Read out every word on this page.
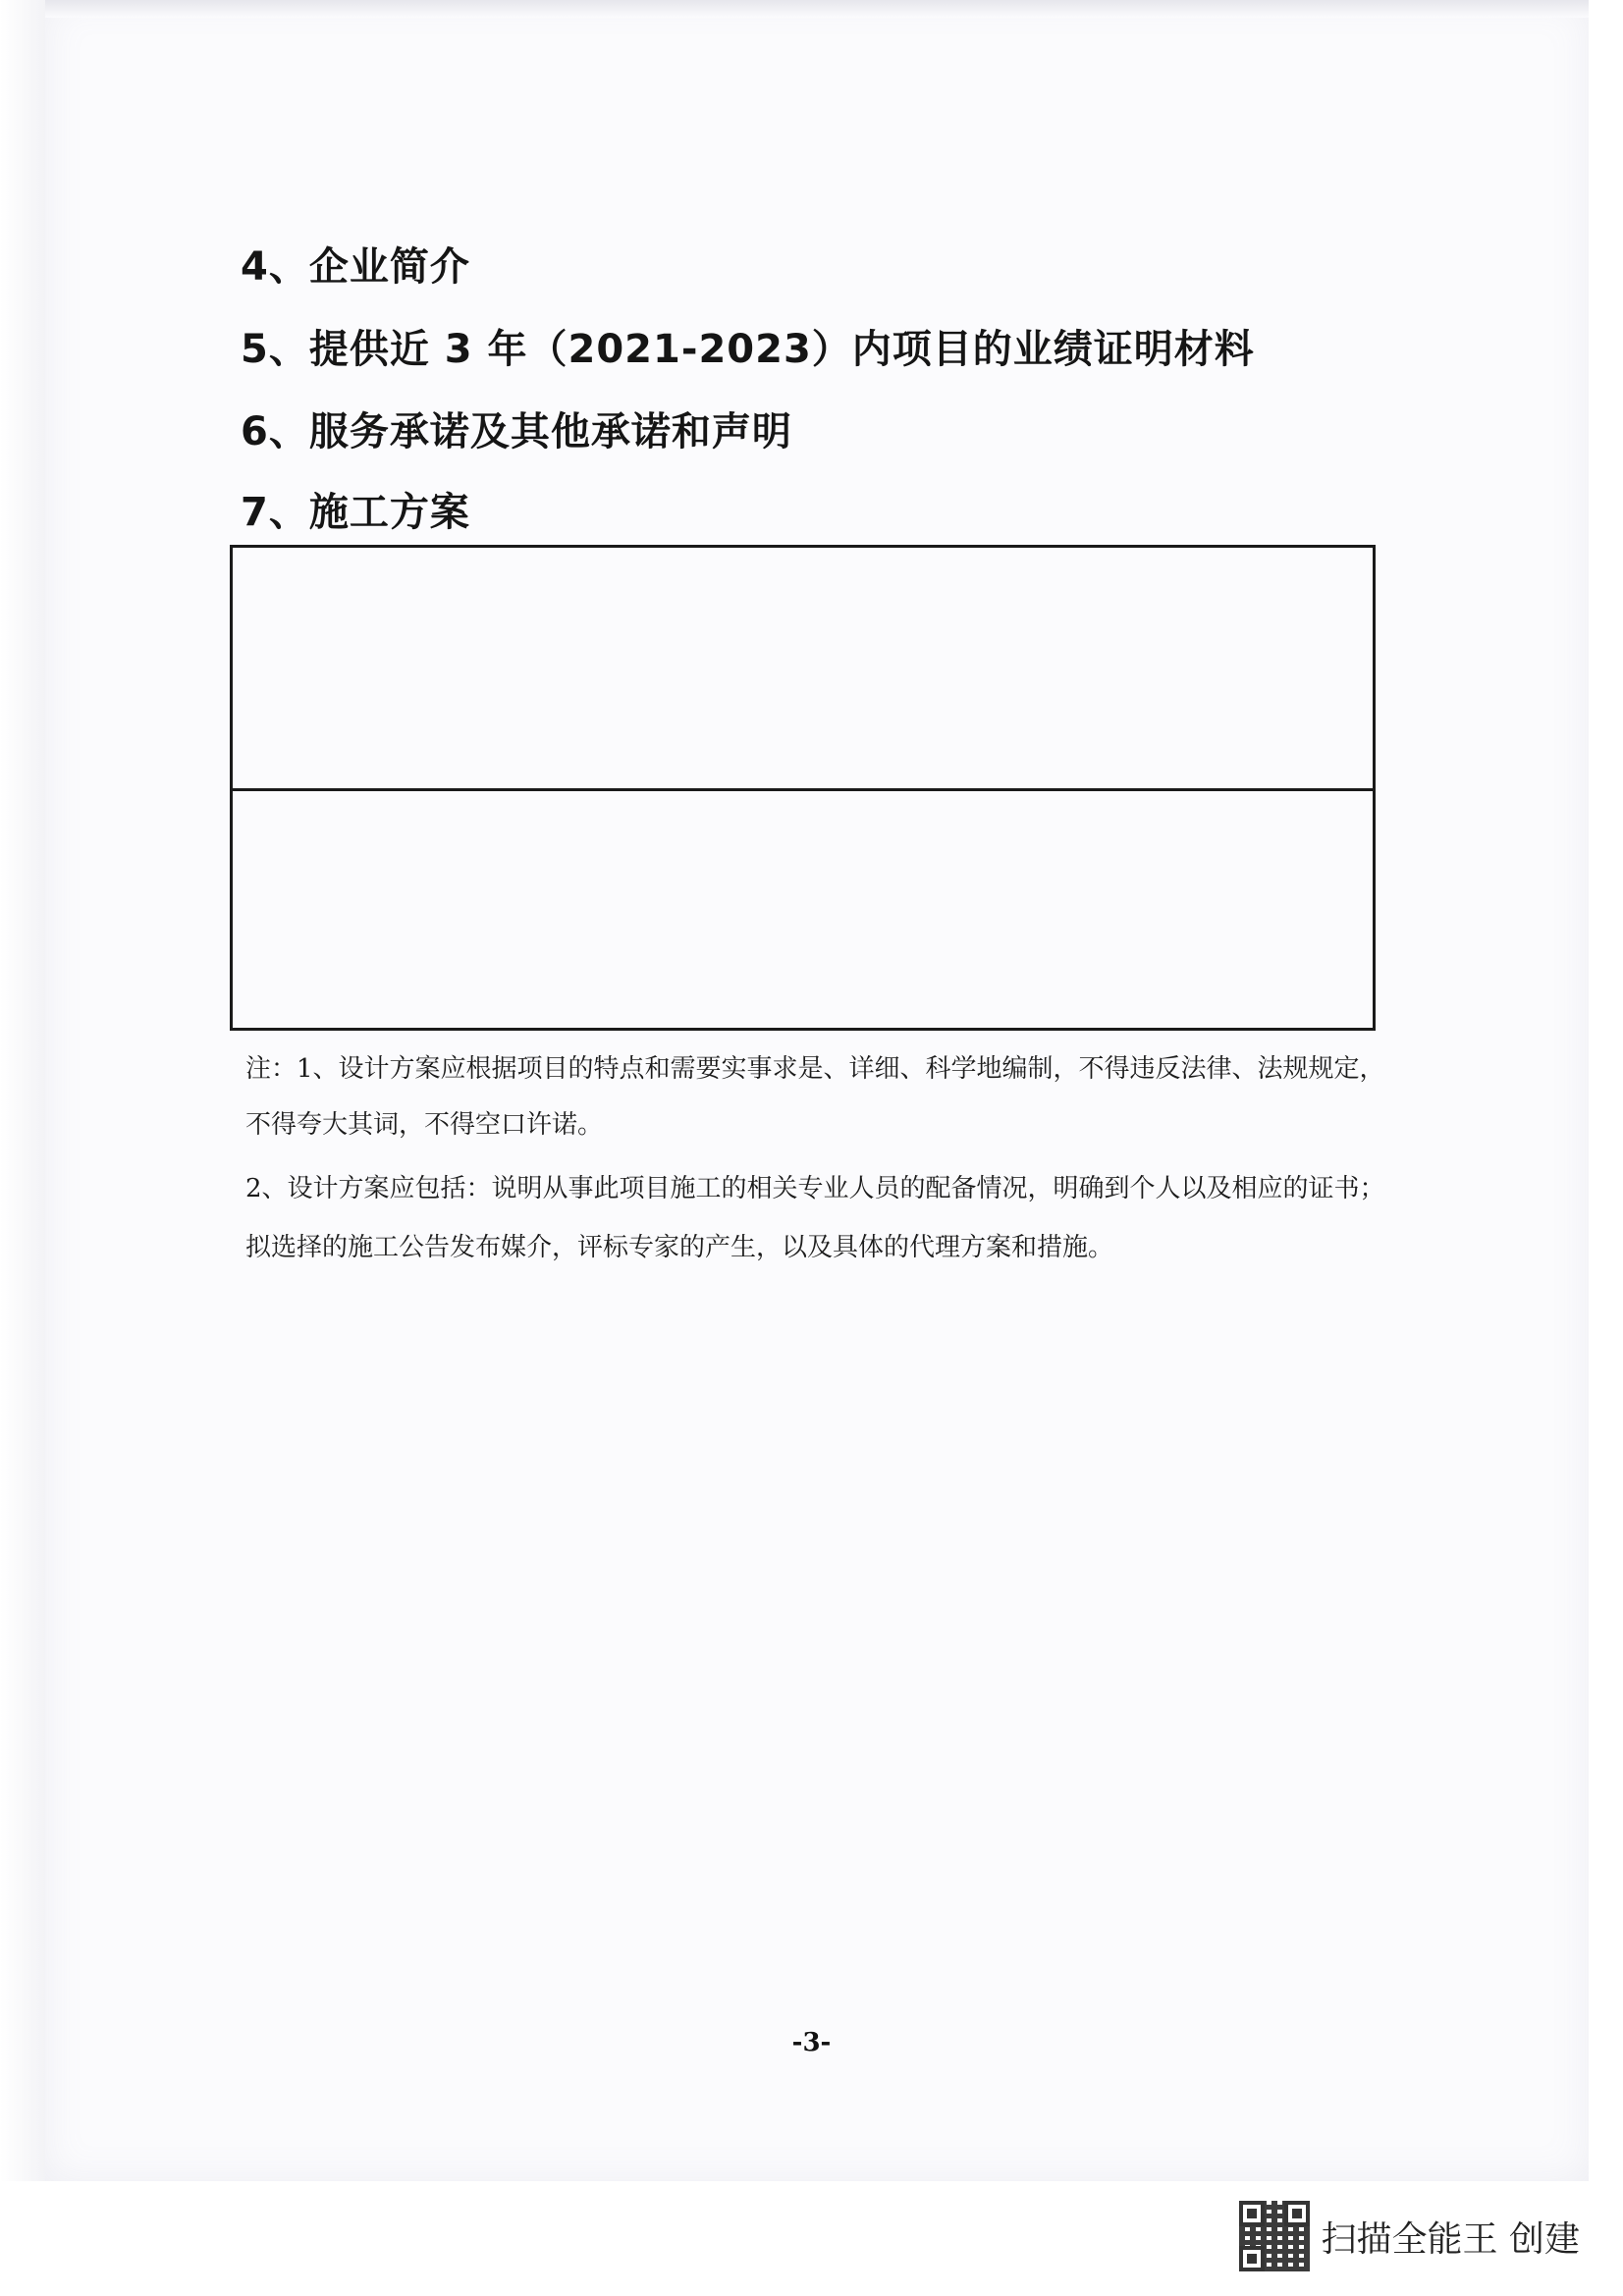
4、企业简介
5、提供近 3 年（2021-2023）内项目的业绩证明材料
6、服务承诺及其他承诺和声明
7、施工方案
注：1、设计方案应根据项目的特点和需要实事求是、详细、科学地编制，不得违反法律、法规规定，
不得夸大其词，不得空口许诺。
2、设计方案应包括：说明从事此项目施工的相关专业人员的配备情况，明确到个人以及相应的证书；
拟选择的施工公告发布媒介，评标专家的产生，以及具体的代理方案和措施。
-3-
扫描全能王 创建
